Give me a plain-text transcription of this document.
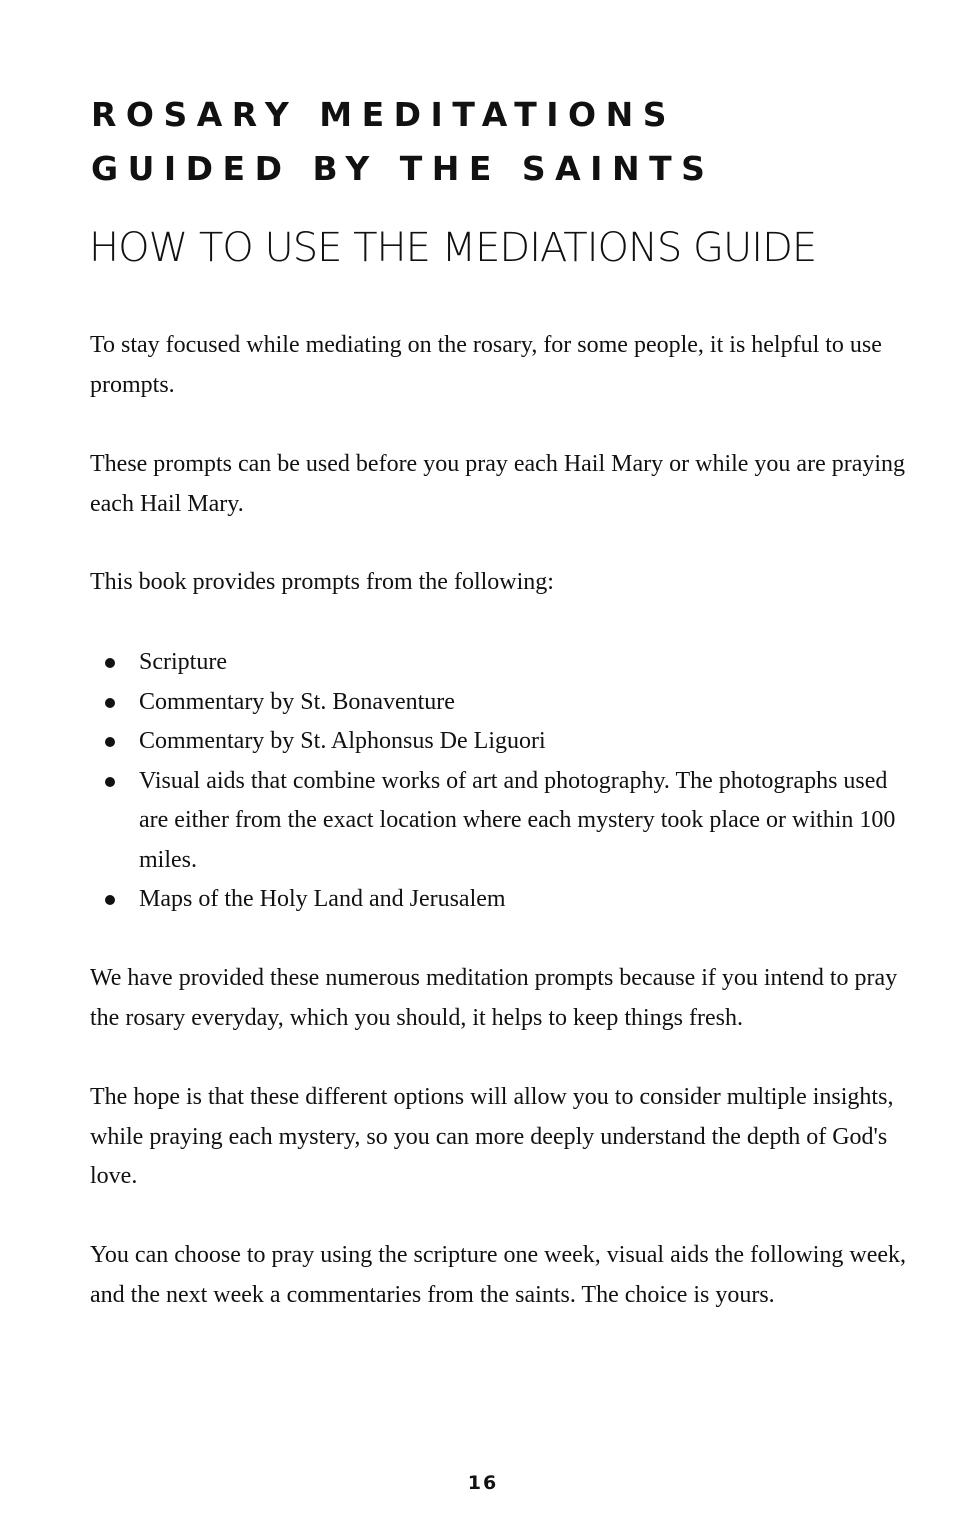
ROSARY MEDITATIONS
GUIDED BY THE SAINTS
HOW TO USE THE MEDIATIONS GUIDE

To stay focused while mediating on the rosary, for some people, it is helpful to use prompts.

These prompts can be used before you pray each Hail Mary or while you are praying each Hail Mary.

This book provides prompts from the following:

Scripture
Commentary by St. Bonaventure
Commentary by St. Alphonsus De Liguori
Visual aids that combine works of art and photography. The photographs used are either from the exact location where each mystery took place or within 100 miles.
Maps of the Holy Land and Jerusalem

We have provided these numerous meditation prompts because if you intend to pray the rosary everyday, which you should, it helps to keep things fresh.

The hope is that these different options will allow you to consider multiple insights, while praying each mystery, so you can more deeply understand the depth of God's love.

You can choose to pray using the scripture one week, visual aids the following week, and the next week a commentaries from the saints. The choice is yours.

16
